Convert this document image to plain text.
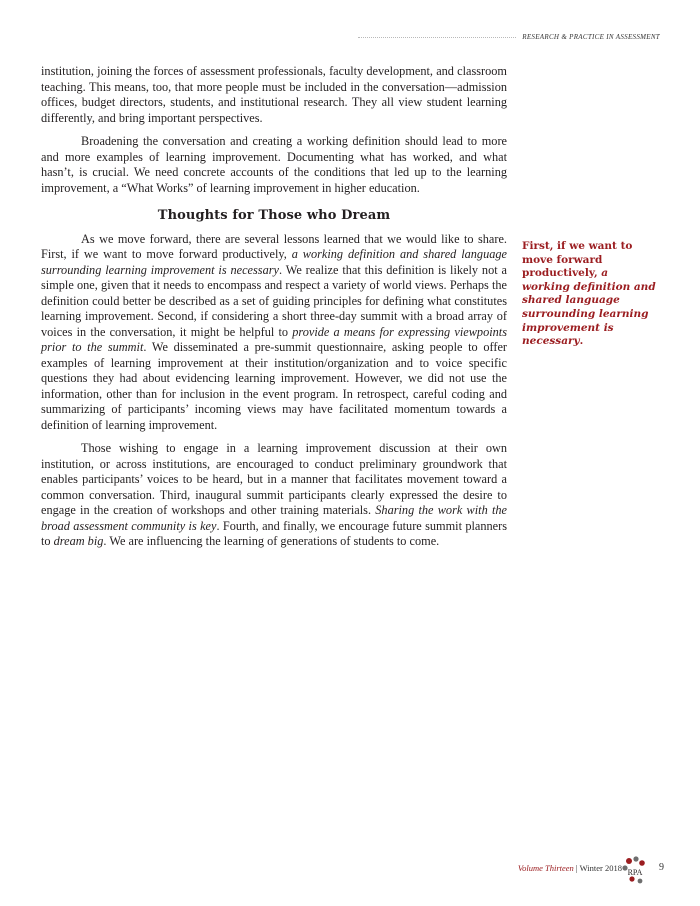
RESEARCH & PRACTICE IN ASSESSMENT

institution, joining the forces of assessment professionals, faculty development, and classroom teaching. This means, too, that more people must be included in the conversation—admission offices, budget directors, students, and institutional research. They all view student learning differently, and bring important perspectives.

Broadening the conversation and creating a working definition should lead to more and more examples of learning improvement. Documenting what has worked, and what hasn’t, is crucial. We need concrete accounts of the conditions that led up to the learning improvement, a “What Works” of learning improvement in higher education.

Thoughts for Those who Dream

As we move forward, there are several lessons learned that we would like to share. First, if we want to move forward productively, a working definition and shared language surrounding learning improvement is necessary. We realize that this definition is likely not a simple one, given that it needs to encompass and respect a variety of world views. Perhaps the definition could better be described as a set of guiding principles for defining what constitutes learning improvement. Second, if considering a short three-day summit with a broad array of voices in the conversation, it might be helpful to provide a means for expressing viewpoints prior to the summit. We disseminated a pre-summit questionnaire, asking people to offer examples of learning improvement at their institution/organization and to voice specific questions they had about evidencing learning improvement. However, we did not use the information, other than for inclusion in the event program. In retrospect, careful coding and summarizing of participants’ incoming views may have facilitated momentum towards a definition of learning improvement.

Those wishing to engage in a learning improvement discussion at their own institution, or across institutions, are encouraged to conduct preliminary groundwork that enables participants’ voices to be heard, but in a manner that facilitates movement toward a common conversation. Third, inaugural summit participants clearly expressed the desire to engage in the creation of workshops and other training materials. Sharing the work with the broad assessment community is key. Fourth, and finally, we encourage future summit planners to dream big. We are influencing the learning of generations of students to come.

First, if we want to move forward productively, a working definition and shared language surrounding learning improvement is necessary.
Volume Thirteen | Winter 2018 RPA 9
